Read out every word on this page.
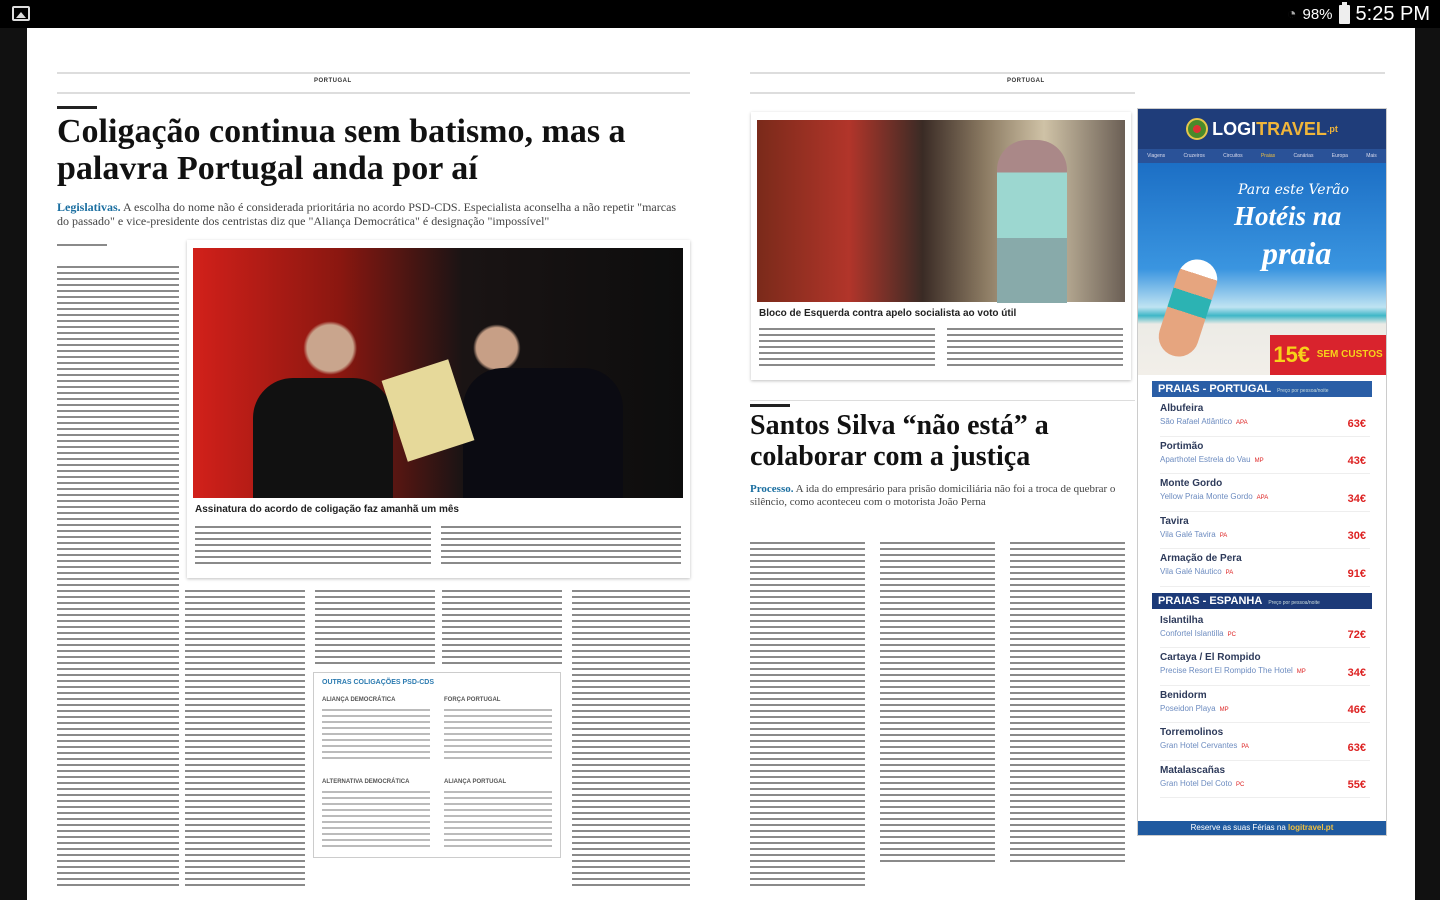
◔ 98% 5:25 PM
PORTUGAL
Coligação continua sem batismo, mas a palavra Portugal anda por aí
Legislativas. A escolha do nome não é considerada prioritária no acordo PSD-CDS. Especialista aconselha a não repetir "marcas do passado" e vice-presidente dos centristas diz que "Aliança Democrática" é designação "impossível"
Assinatura do acordo de coligação faz amanhã um mês
OUTRAS COLIGAÇÕES PSD-CDS
ALIANÇA DEMOCRÁTICA	FORÇA PORTUGAL
ALTERNATIVA DEMOCRÁTICA	ALIANÇA PORTUGAL
PORTUGAL
Bloco de Esquerda contra apelo socialista ao voto útil
Santos Silva “não está” a colaborar com a justiça
Processo. A ida do empresário para prisão domiciliária não foi a troca de quebrar o silêncio, como aconteceu com o motorista João Perna
LOGI TRAVEL .pt
Viagens	Cruzeiros	Circuitos	Praias	Canárias	Europa	Mais
Para este Verão
Hotéis na
praia
15€ SEM CUSTOS
PRAIAS - PORTUGAL Preço por pessoa/noite
Albufeira
São Rafael Atlântico APA	63€
Portimão
Aparthotel Estrela do Vau MP	43€
Monte Gordo
Yellow Praia Monte Gordo APA	34€
Tavira
Vila Galé Tavira PA	30€
Armação de Pera
Vila Galé Náutico PA	91€
PRAIAS - ESPANHA Preço por pessoa/noite
Islantilha
Confortel Islantilla PC	72€
Cartaya / El Rompido
Precise Resort El Rompido The Hotel MP	34€
Benidorm
Poseidon Playa MP	46€
Torremolinos
Gran Hotel Cervantes PA	63€
Matalascañas
Gran Hotel Del Coto PC	55€
Reserve as suas Férias na logitravel.pt
